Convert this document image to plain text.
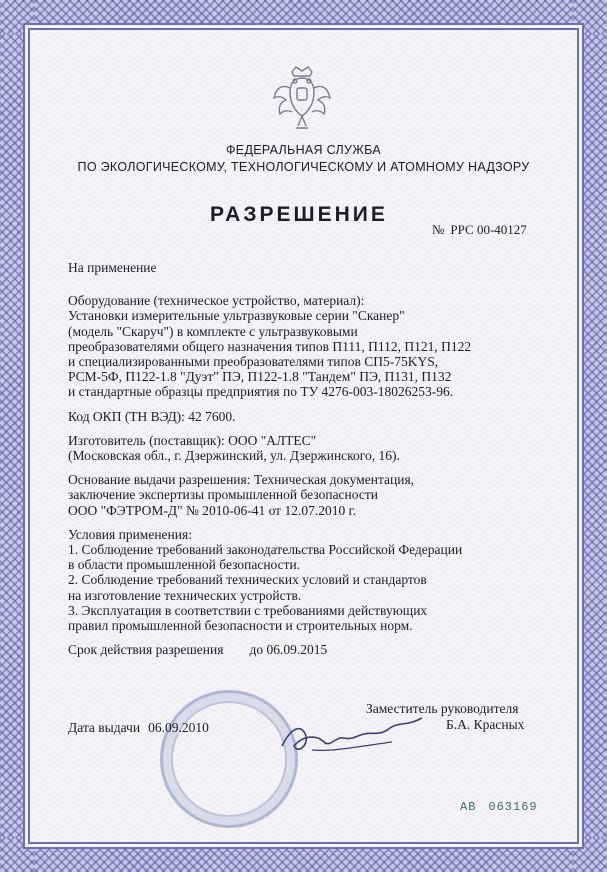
ФЕДЕРАЛЬНАЯ СЛУЖБА
ПО ЭКОЛОГИЧЕСКОМУ, ТЕХНОЛОГИЧЕСКОМУ И АТОМНОМУ НАДЗОРУ
РАЗРЕШЕНИЕ
№ РРС 00-40127

На применение

Оборудование (техническое устройство, материал):

Установки измерительные ультразвуковые серии "Сканер"

(модель "Скаруч") в комплекте с ультразвуковыми

преобразователями общего назначения типов П111, П112, П121, П122

и специализированными преобразователями типов СП5-75KYS,

РСМ-5Ф, П122-1.8 "Дуэт" ПЭ, П122-1.8 "Тандем" ПЭ, П131, П132

и стандартные образцы предприятия по ТУ 4276-003-18026253-96.

Код ОКП (ТН ВЭД): 42 7600.

Изготовитель (поставщик): ООО "АЛТЕС"

(Московская обл., г. Дзержинский, ул. Дзержинского, 16).

Основание выдачи разрешения: Техническая документация,

заключение экспертизы промышленной безопасности

ООО "ФЭТРОМ-Д" № 2010-06-41 от 12.07.2010 г.

Условия применения:

1. Соблюдение требований законодательства Российской Федерации

в области промышленной безопасности.

2. Соблюдение требований технических условий и стандартов

на изготовление технических устройств.

3. Эксплуатация в соответствии с требованиями действующих

правил промышленной безопасности и строительных норм.

Срок действия разрешения до 06.09.2015

Заместитель руководителя
Б.А. Красных
Дата выдачи 06.09.2010
АВ 063169
